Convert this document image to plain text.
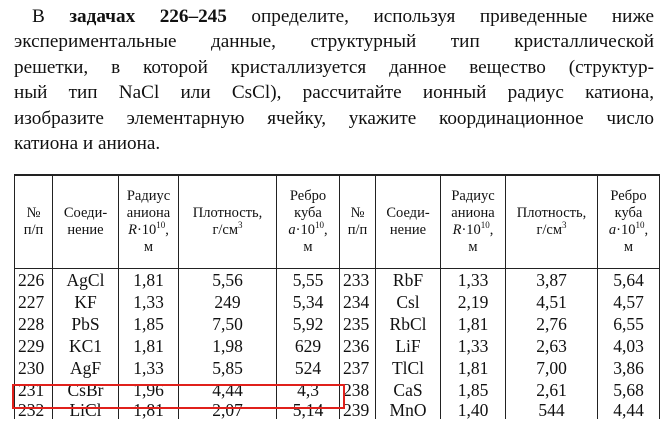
В задачах 226–245 определите, используя приведенные ниже
экспериментальные данные, структурный тип кристаллической
решетки, в которой кристаллизуется данное вещество (структур-
ный тип NaCl или CsCl), рассчитайте ионный радиус катиона,
изобразите элементарную ячейку, укажите координационное число
катиона и аниона.
№
п/п	Соеди-
нение	Радиус
аниона
$R\cdot 10^{10}$,
м	Плотность,
$г/см^3$	Ребро
куба
$a\cdot 10^{10}$,
м	№
п/п	Соеди-
нение	Радиус
аниона
$R\cdot 10^{10}$,
м	Плотность,
$г/см^3$	Ребро
куба
$a\cdot 10^{10}$,
м
226	AgCl	1,81	5,56	5,55	233	RbF	1,33	3,87	5,64
227	KF	1,33	249	5,34	234	Csl	2,19	4,51	4,57
228	PbS	1,85	7,50	5,92	235	RbCl	1,81	2,76	6,55
229	KC1	1,81	1,98	629	236	LiF	1,33	2,63	4,03
230	AgF	1,33	5,85	524	237	TlCl	1,81	7,00	3,86
231	CsBr	1,96	4,44	4,3	238	CaS	1,85	2,61	5,68
232	LiCl	1,81	2,07	5,14	239	MnO	1,40	544	4,44
